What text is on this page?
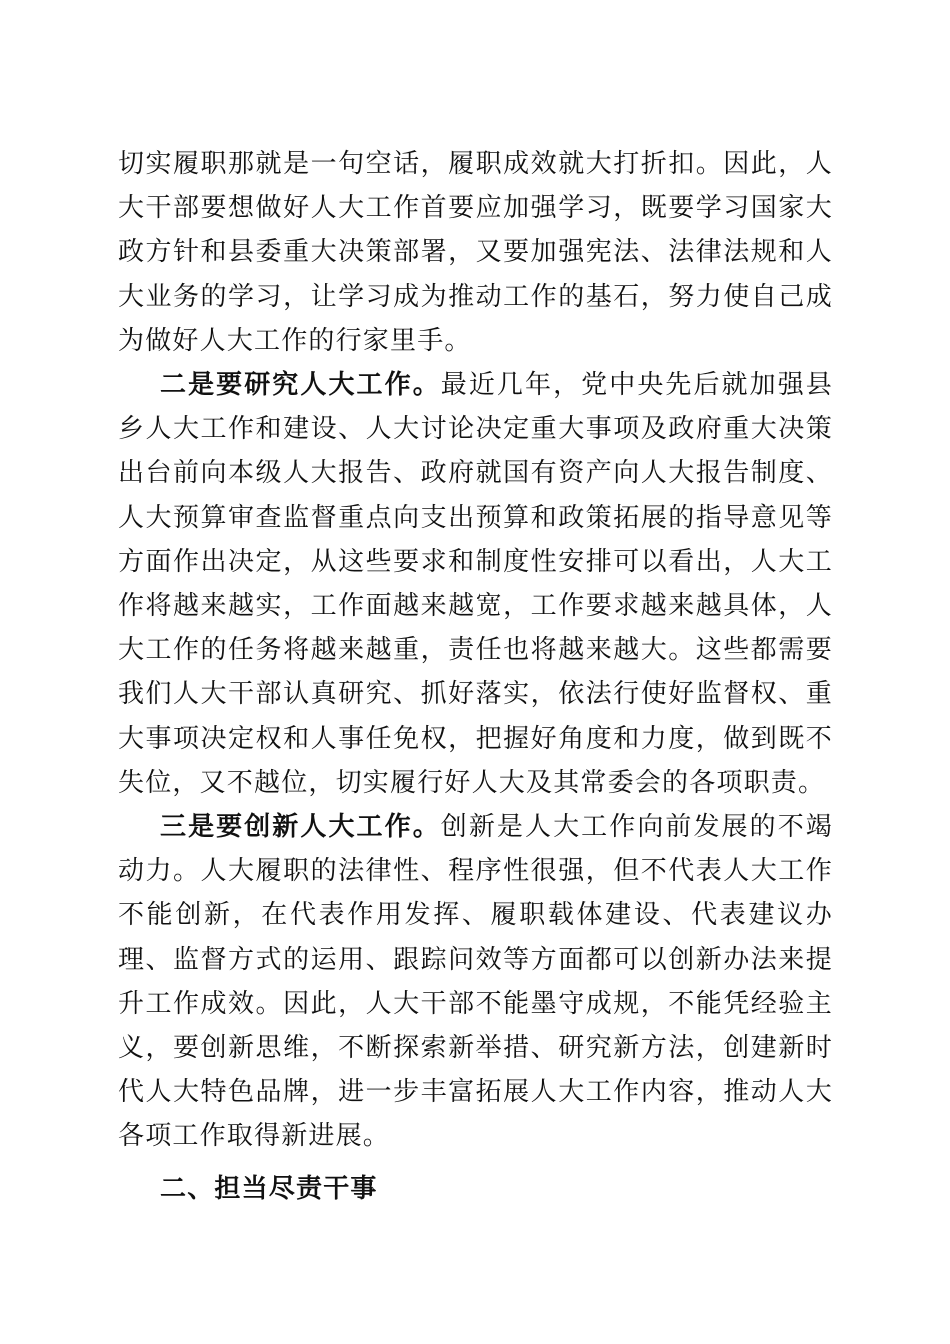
切实履职那就是一句空话，履职成效就大打折扣。因此，人大干部要想做好人大工作首要应加强学习，既要学习国家大政方针和县委重大决策部署，又要加强宪法、法律法规和人大业务的学习，让学习成为推动工作的基石，努力使自己成为做好人大工作的行家里手。

二是要研究人大工作。最近几年，党中央先后就加强县乡人大工作和建设、人大讨论决定重大事项及政府重大决策出台前向本级人大报告、政府就国有资产向人大报告制度、人大预算审查监督重点向支出预算和政策拓展的指导意见等方面作出决定，从这些要求和制度性安排可以看出，人大工作将越来越实，工作面越来越宽，工作要求越来越具体，人大工作的任务将越来越重，责任也将越来越大。这些都需要我们人大干部认真研究、抓好落实，依法行使好监督权、重大事项决定权和人事任免权，把握好角度和力度，做到既不失位，又不越位，切实履行好人大及其常委会的各项职责。

三是要创新人大工作。创新是人大工作向前发展的不竭动力。人大履职的法律性、程序性很强，但不代表人大工作不能创新，在代表作用发挥、履职载体建设、代表建议办理、监督方式的运用、跟踪问效等方面都可以创新办法来提升工作成效。因此，人大干部不能墨守成规，不能凭经验主义，要创新思维，不断探索新举措、研究新方法，创建新时代人大特色品牌，进一步丰富拓展人大工作内容，推动人大各项工作取得新进展。

二、担当尽责干事
